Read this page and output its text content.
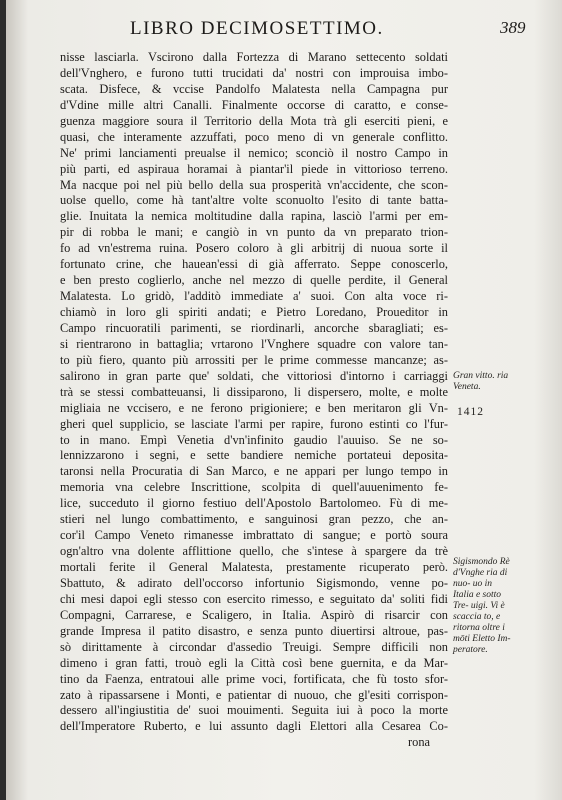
LIBRO DECIMOSETTIMO.	389
nisse lasciarla. Vscirono dalla Fortezza di Marano settecento soldati
dell'Vnghero, e furono tutti trucidati da' nostri con improuisa imbo-
scata. Disfece, & vccise Pandolfo Malatesta nella Campagna pur
d'Vdine mille altri Canalli. Finalmente occorse di caratto, e conse-
guenza maggiore soura il Territorio della Mota trà gli eserciti pieni, e
quasi, che interamente azzuffati, poco meno di vn generale conflitto.
Ne' primi lanciamenti preualse il nemico; sconciò il nostro Campo in
più parti, ed aspiraua horamai à piantar'il piede in vittorioso terreno.
Ma nacque poi nel più bello della sua prosperità vn'accidente, che scon-
uolse quello, come hà tant'altre volte sconuolto l'esito di tante batta-
glie. Inuitata la nemica moltitudine dalla rapina, lasciò l'armi per em-
pir di robba le mani; e cangiò in vn punto da vn preparato trion-
fo ad vn'estrema ruina. Posero coloro à gli arbitrij di nuoua sorte il
fortunato crine, che hauean'essi di già afferrato. Seppe conoscerlo,
e ben presto coglierlo, anche nel mezzo di quelle perdite, il General
Malatesta. Lo gridò, l'additò immediate a' suoi. Con alta voce ri-
chiamò in loro gli spiriti andati; e Pietro Loredano, Proueditor in
Campo rincuoratili parimenti, se riordinarli, ancorche sbaragliati; es-
si rientrarono in battaglia; vrtarono l'Vnghere squadre con valore tan-
to più fiero, quanto più arrossiti per le prime commesse mancanze; as-
salirono in gran parte que' soldati, che vittoriosi d'intorno i carriaggi
trà se stessi combatteuansi, li dissiparono, li dispersero, molte, e molte
migliaia ne vccisero, e ne ferono prigioniere; e ben meritaron gli Vn-
gheri quel supplicio, se lasciate l'armi per rapire, furono estinti co l'fur-
to in mano. Empì Venetia d'vn'infinito gaudio l'auuiso. Se ne so-
lennizzarono i segni, e sette bandiere nemiche portateui deposita-
taronsi nella Procuratia di San Marco, e ne appari per lungo tempo in
memoria vna celebre Inscrittione, scolpita di quell'auuenimento fe-
lice, succeduto il giorno festiuo dell'Apostolo Bartolomeo. Fù di me-
stieri nel lungo combattimento, e sanguinosi gran pezzo, che an-
cor'il Campo Veneto rimanesse imbrattato di sangue; e portò soura
ogn'altro vna dolente afflittione quello, che s'intese à spargere da trè
mortali ferite il General Malatesta, prestamente ricuperato però.
Sbattuto, & adirato dell'occorso infortunio Sigismondo, venne po-
chi mesi dapoi egli stesso con esercito rimesso, e seguitato da' soliti fidi
Compagni, Carrarese, e Scaligero, in Italia. Aspirò di risarcir con
grande Impresa il patito disastro, e senza punto diuertirsi altroue, pas-
sò dirittamente à circondar d'assedio Treuigi. Sempre difficili non
dimeno i gran fatti, trouò egli la Città così bene guernita, e da Mar-
tino da Faenza, entratoui alle prime voci, fortificata, che fù tosto sfor-
zato à ripassarsene i Monti, e patientar di nuouo, che gl'esiti corrispon-
dessero all'ingiustitia de' suoi mouimenti. Seguita iui à poco la morte
dell'Imperatore Ruberto, e lui assunto dagli Elettori alla Cesarea Co-
rona
Gran vitto. ria Veneta.
1412
Sigismondo Rè d'Vnghe ria di nuo- uo in Italia e sotto Tre- uigi. Vi è scaccia to, e ritorna oltre i mōti Eletto Im- peratore.
